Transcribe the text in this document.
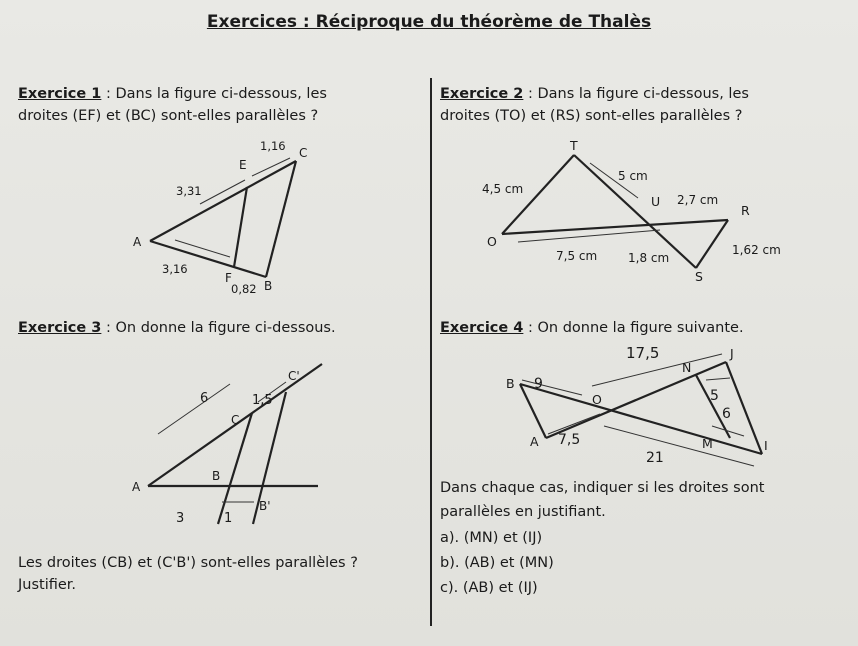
Exercices : Réciproque du théorème de Thalès
Exercice 1 : Dans la figure ci-dessous, les
droites (EF) et (BC) sont-elles parallèles ?
C
E
A
F
B
1,16
3,31
3,16
0,82
Exercice 2 : Dans la figure ci-dessous, les
droites (TO) et (RS) sont-elles parallèles ?
T
O
U
R
S
5 cm
4,5 cm
2,7 cm
7,5 cm	1,8 cm
1,62 cm
Exercice 3 : On donne la figure ci-dessous.
C'
C
A
B
B'
6	1,5
3	1
Les droites (CB) et (C'B') sont-elles parallèles ?
Justifier.
Exercice 4 : On donne la figure suivante.
B
O
A
J
N
M	I
17,5
9
5
6
7,5
21
Dans chaque cas, indiquer si les droites sont
parallèles en justifiant.
a). (MN) et (IJ)
b). (AB) et (MN)
c). (AB) et (IJ)
